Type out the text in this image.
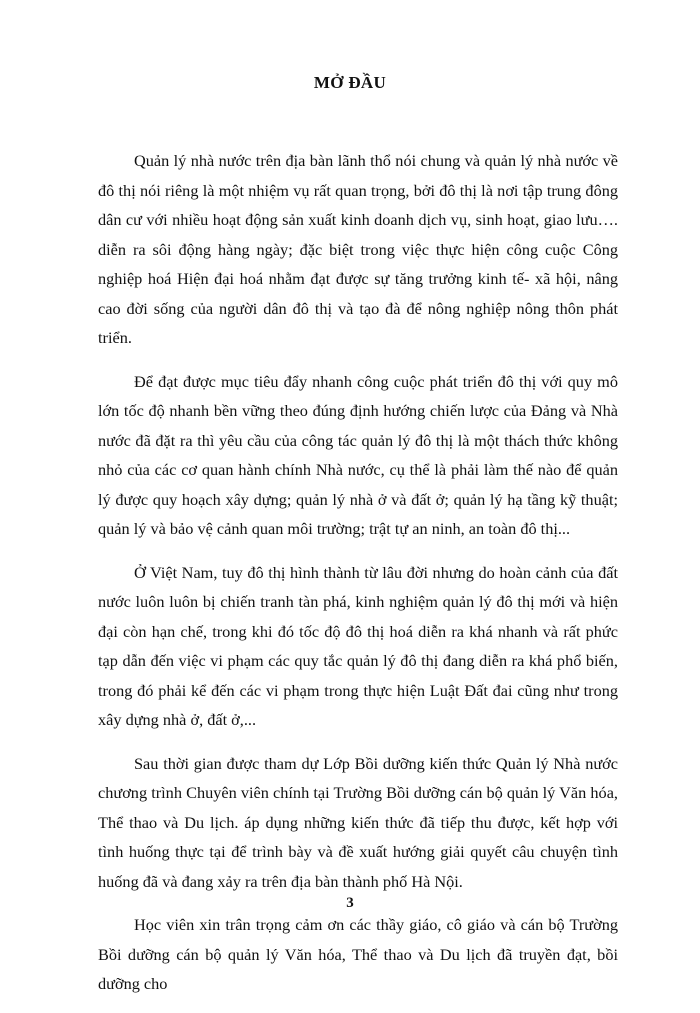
MỞ ĐẦU

Quản lý nhà nước trên địa bàn lãnh thổ nói chung và quản lý nhà nước về đô thị nói riêng là một nhiệm vụ rất quan trọng, bởi đô thị là nơi tập trung đông dân cư với nhiều hoạt động sản xuất kinh doanh dịch vụ, sinh hoạt, giao lưu…. diễn ra sôi động hàng ngày; đặc biệt trong việc thực hiện công cuộc Công nghiệp hoá Hiện đại hoá nhằm đạt được sự tăng trưởng kinh tế- xã hội, nâng cao đời sống của người dân đô thị và tạo đà để nông nghiệp nông thôn phát triển.

Để đạt được mục tiêu đẩy nhanh công cuộc phát triển đô thị với quy mô lớn tốc độ nhanh bền vững theo đúng định hướng chiến lược của Đảng và Nhà nước đã đặt ra thì yêu cầu của công tác quản lý đô thị là một thách thức không nhỏ của các cơ quan hành chính Nhà nước, cụ thể là phải làm thế nào để quản lý được quy hoạch xây dựng; quản lý nhà ở và đất ở; quản lý hạ tầng kỹ thuật; quản lý và bảo vệ cảnh quan môi trường; trật tự an ninh, an toàn đô thị...

Ở Việt Nam, tuy đô thị hình thành từ lâu đời nhưng do hoàn cảnh của đất nước luôn luôn bị chiến tranh tàn phá, kinh nghiệm quản lý đô thị mới và hiện đại còn hạn chế, trong khi đó tốc độ đô thị hoá diễn ra khá nhanh và rất phức tạp dẫn đến việc vi phạm các quy tắc quản lý đô thị đang diễn ra khá phổ biến, trong đó phải kể đến các vi phạm trong thực hiện Luật Đất đai cũng như trong xây dựng nhà ở, đất ở,...

Sau thời gian được tham dự Lớp Bồi dưỡng kiến thức Quản lý Nhà nước chương trình Chuyên viên chính tại Trường Bồi dưỡng cán bộ quản lý Văn hóa, Thể thao và Du lịch. áp dụng những kiến thức đã tiếp thu được, kết hợp với tình huống thực tại để trình bày và đề xuất hướng giải quyết câu chuyện tình huống đã và đang xảy ra trên địa bàn thành phố Hà Nội.

Học viên xin trân trọng cảm ơn các thầy giáo, cô giáo và cán bộ Trường Bồi dưỡng cán bộ quản lý Văn hóa, Thể thao và Du lịch đã truyền đạt, bồi dưỡng cho

3
